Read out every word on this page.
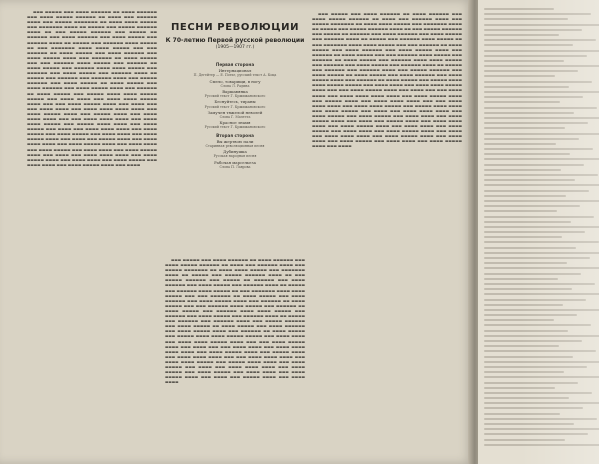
▬▬▬ ▬▬▬▬▬ ▬▬▬ ▬▬▬▬ ▬▬▬▬▬▬ ▬▬ ▬▬▬▬ ▬▬▬▬▬▬ ▬▬▬ ▬▬▬▬ ▬▬▬▬▬ ▬▬▬▬▬▬ ▬▬ ▬▬▬▬ ▬▬▬ ▬▬▬▬▬▬ ▬▬▬▬ ▬▬▬ ▬▬▬▬▬ ▬▬▬▬▬▬▬ ▬▬ ▬▬▬▬ ▬▬▬▬ ▬▬▬▬▬ ▬▬▬ ▬▬▬▬▬▬▬ ▬▬▬▬ ▬▬ ▬▬▬▬▬ ▬▬▬ ▬▬▬▬▬ ▬▬▬▬▬▬ ▬▬▬▬ ▬▬ ▬▬▬ ▬▬▬▬▬ ▬▬▬▬▬▬ ▬▬▬ ▬▬▬▬▬ ▬▬ ▬▬▬▬▬▬ ▬▬▬ ▬▬▬▬ ▬▬▬▬▬▬ ▬▬▬ ▬▬▬▬ ▬▬▬▬▬ ▬▬▬ ▬▬▬▬▬▬ ▬▬▬▬ ▬▬ ▬▬▬▬▬ ▬▬▬ ▬▬▬▬▬▬ ▬▬▬▬ ▬▬▬▬▬ ▬▬ ▬▬▬ ▬▬▬▬▬▬▬ ▬▬▬▬ ▬▬▬▬ ▬▬▬▬▬ ▬▬▬ ▬▬▬ ▬▬▬▬▬▬ ▬▬ ▬▬▬▬ ▬▬▬▬▬ ▬▬▬ ▬▬▬▬ ▬▬▬▬▬▬ ▬▬▬ ▬▬▬▬ ▬▬▬▬▬ ▬▬▬▬ ▬▬▬ ▬▬▬▬▬▬ ▬▬ ▬▬▬▬ ▬▬▬▬▬ ▬▬▬ ▬▬▬ ▬▬▬▬▬▬ ▬▬▬▬ ▬▬▬▬▬ ▬▬▬ ▬▬▬▬▬▬ ▬▬ ▬▬▬▬ ▬▬▬▬▬ ▬▬▬ ▬▬▬▬▬▬ ▬▬▬▬ ▬▬▬▬ ▬▬▬▬▬ ▬▬▬ ▬▬▬▬▬▬ ▬▬▬ ▬▬▬▬ ▬▬▬▬▬ ▬▬▬ ▬▬▬▬▬▬ ▬▬▬▬ ▬▬ ▬▬▬▬▬ ▬▬▬ ▬▬▬▬▬▬ ▬▬▬ ▬▬▬▬▬▬ ▬▬▬▬ ▬▬▬ ▬▬▬▬▬ ▬▬▬▬▬▬ ▬▬▬ ▬▬▬▬ ▬▬▬▬▬ ▬▬ ▬▬▬▬ ▬▬▬▬▬ ▬▬▬ ▬▬▬▬ ▬▬▬▬▬▬ ▬▬▬ ▬▬▬▬ ▬▬▬▬▬ ▬▬▬▬ ▬▬▬ ▬▬▬▬▬▬ ▬▬ ▬▬▬▬ ▬▬▬▬▬ ▬▬▬ ▬▬▬▬▬ ▬▬▬▬ ▬▬▬▬ ▬▬▬▬▬ ▬▬▬▬▬ ▬▬▬ ▬▬▬▬ ▬▬▬▬ ▬▬▬ ▬▬▬▬ ▬▬▬▬ ▬▬▬▬▬ ▬▬▬▬ ▬▬▬ ▬▬▬ ▬▬▬▬ ▬▬▬▬▬ ▬▬▬▬ ▬▬▬ ▬▬▬▬ ▬▬▬ ▬▬▬ ▬▬▬▬ ▬▬▬▬ ▬▬▬ ▬▬▬▬ ▬▬▬▬ ▬▬▬▬ ▬▬▬▬ ▬▬▬ ▬▬▬▬ ▬▬▬▬▬ ▬▬▬▬ ▬▬▬ ▬▬▬▬▬ ▬▬▬▬ ▬▬▬ ▬▬▬▬ ▬▬▬▬ ▬▬▬▬ ▬▬▬ ▬▬▬ ▬▬▬▬ ▬▬▬▬ ▬▬▬▬ ▬▬▬ ▬▬▬▬ ▬▬▬▬ ▬▬▬▬▬ ▬▬▬ ▬▬▬▬▬ ▬▬▬▬ ▬▬▬▬ ▬▬▬ ▬▬▬▬ ▬▬▬▬▬ ▬▬▬ ▬▬▬▬ ▬▬▬ ▬▬▬▬ ▬▬▬▬ ▬▬▬▬ ▬▬▬ ▬▬▬▬ ▬▬▬▬▬ ▬▬▬ ▬▬▬▬ ▬▬▬▬▬ ▬▬▬ ▬▬▬▬ ▬▬▬▬ ▬▬▬ ▬▬▬▬ ▬▬▬▬▬ ▬▬▬▬ ▬▬▬ ▬▬▬▬ ▬▬▬ ▬▬▬▬▬ ▬▬▬▬ ▬▬▬ ▬▬▬▬ ▬▬▬▬ ▬▬▬▬ ▬▬▬ ▬▬▬▬ ▬▬▬▬▬ ▬▬▬▬ ▬▬▬ ▬▬▬▬ ▬▬▬▬ ▬▬▬ ▬▬▬▬ ▬▬▬▬▬ ▬▬▬ ▬▬▬▬ ▬▬▬▬ ▬▬▬ ▬▬▬▬ ▬▬▬▬▬ ▬▬▬▬ ▬▬▬ ▬▬▬▬ ▬▬▬ ▬▬▬▬ ▬▬▬▬ ▬▬▬▬ ▬▬▬ ▬▬▬▬ ▬▬▬▬▬ ▬▬▬▬ ▬▬▬ ▬▬▬▬ ▬▬▬▬ ▬▬▬ ▬▬▬▬ ▬▬▬▬▬ ▬▬▬ ▬▬▬▬ ▬▬▬▬ ▬▬▬ ▬▬▬▬ ▬▬▬▬▬ ▬▬▬▬ ▬▬▬ ▬▬▬▬

ПЕСНИ РЕВОЛЮЦИИ
К 70-летию Первой русской революции
(1905—1907 гг.)
Первая сторона
Интернационал
П. Дегейтер — Е. Потье, русский текст А. Коца
Смело, товарищи, в ногу
Слова Л. Радина
Варшавянка
Русский текст Г. Кржижановского
Беснуйтесь, тираны
Русский текст Г. Кржижановского
Замучен тяжелой неволей
Слова Г. Мачтета
Красное знамя
Русский текст Г. Кржижановского
Вторая сторона
Вы жертвою пали
Старинная революционная песня
Дубинушка
Русская народная песня
Рабочая марсельеза
Слова П. Лаврова

▬▬▬ ▬▬▬▬▬ ▬▬▬ ▬▬▬▬ ▬▬▬▬▬▬ ▬▬ ▬▬▬▬ ▬▬▬▬▬▬ ▬▬▬ ▬▬▬▬ ▬▬▬▬▬ ▬▬▬▬▬▬ ▬▬ ▬▬▬▬ ▬▬▬ ▬▬▬▬▬▬ ▬▬▬▬ ▬▬▬ ▬▬▬▬▬ ▬▬▬▬▬▬▬ ▬▬ ▬▬▬▬ ▬▬▬▬ ▬▬▬▬▬ ▬▬▬ ▬▬▬▬▬▬▬ ▬▬▬▬ ▬▬ ▬▬▬▬▬ ▬▬▬ ▬▬▬▬▬ ▬▬▬▬▬▬ ▬▬▬▬ ▬▬ ▬▬▬ ▬▬▬▬▬ ▬▬▬▬▬▬ ▬▬▬ ▬▬▬▬▬ ▬▬ ▬▬▬▬▬▬ ▬▬▬ ▬▬▬▬ ▬▬▬▬▬▬ ▬▬▬ ▬▬▬▬ ▬▬▬▬▬ ▬▬▬ ▬▬▬▬▬▬ ▬▬▬▬ ▬▬ ▬▬▬▬▬ ▬▬▬ ▬▬▬▬▬▬ ▬▬▬▬ ▬▬▬▬▬ ▬▬ ▬▬▬ ▬▬▬▬▬▬▬ ▬▬▬▬ ▬▬▬▬ ▬▬▬▬▬ ▬▬▬ ▬▬▬ ▬▬▬▬▬▬ ▬▬ ▬▬▬▬ ▬▬▬▬▬ ▬▬▬ ▬▬▬▬ ▬▬▬▬▬▬ ▬▬▬ ▬▬▬▬ ▬▬▬▬▬ ▬▬▬▬ ▬▬▬ ▬▬▬▬▬▬ ▬▬ ▬▬▬▬ ▬▬▬▬▬ ▬▬▬ ▬▬▬ ▬▬▬▬▬▬ ▬▬▬▬ ▬▬▬▬▬ ▬▬▬ ▬▬▬▬▬▬ ▬▬ ▬▬▬▬ ▬▬▬▬▬ ▬▬▬ ▬▬▬▬▬▬ ▬▬▬▬ ▬▬▬▬ ▬▬▬▬▬ ▬▬▬ ▬▬▬▬▬▬ ▬▬▬ ▬▬▬▬ ▬▬▬▬▬ ▬▬▬ ▬▬▬▬▬▬ ▬▬▬▬ ▬▬ ▬▬▬▬▬ ▬▬▬ ▬▬▬▬▬▬ ▬▬▬ ▬▬▬▬▬▬ ▬▬▬▬ ▬▬▬ ▬▬▬▬▬ ▬▬▬▬▬▬ ▬▬▬ ▬▬▬▬ ▬▬▬▬▬ ▬▬ ▬▬▬▬ ▬▬▬▬▬ ▬▬▬ ▬▬▬▬ ▬▬▬▬▬▬ ▬▬▬ ▬▬▬▬ ▬▬▬▬▬ ▬▬▬▬ ▬▬▬ ▬▬▬▬▬▬ ▬▬ ▬▬▬▬ ▬▬▬▬▬ ▬▬▬ ▬▬▬▬▬ ▬▬▬▬ ▬▬▬▬ ▬▬▬▬▬ ▬▬▬▬▬ ▬▬▬ ▬▬▬▬ ▬▬▬▬ ▬▬▬ ▬▬▬▬ ▬▬▬▬ ▬▬▬▬▬ ▬▬▬▬ ▬▬▬ ▬▬▬ ▬▬▬▬ ▬▬▬▬▬ ▬▬▬▬ ▬▬▬ ▬▬▬▬ ▬▬▬ ▬▬▬ ▬▬▬▬ ▬▬▬▬ ▬▬▬ ▬▬▬▬ ▬▬▬▬ ▬▬▬▬ ▬▬▬▬ ▬▬▬ ▬▬▬▬ ▬▬▬▬▬ ▬▬▬▬ ▬▬▬ ▬▬▬▬▬ ▬▬▬▬ ▬▬▬ ▬▬▬▬ ▬▬▬▬ ▬▬▬▬ ▬▬▬ ▬▬▬ ▬▬▬▬ ▬▬▬▬ ▬▬▬▬ ▬▬▬ ▬▬▬▬ ▬▬▬▬ ▬▬▬▬▬ ▬▬▬ ▬▬▬▬▬ ▬▬▬▬ ▬▬▬▬ ▬▬▬ ▬▬▬▬ ▬▬▬▬▬ ▬▬▬ ▬▬▬▬ ▬▬▬ ▬▬▬▬ ▬▬▬▬ ▬▬▬▬ ▬▬▬ ▬▬▬▬ ▬▬▬▬▬ ▬▬▬ ▬▬▬▬ ▬▬▬▬▬ ▬▬▬ ▬▬▬▬ ▬▬▬▬ ▬▬▬ ▬▬▬▬ ▬▬▬▬▬ ▬▬▬▬ ▬▬▬ ▬▬▬▬ ▬▬▬ ▬▬▬▬▬ ▬▬▬▬ ▬▬▬ ▬▬▬▬ ▬▬▬▬

▬▬▬ ▬▬▬▬▬ ▬▬▬ ▬▬▬▬ ▬▬▬▬▬▬ ▬▬ ▬▬▬▬ ▬▬▬▬▬▬ ▬▬▬ ▬▬▬▬ ▬▬▬▬▬ ▬▬▬▬▬▬ ▬▬ ▬▬▬▬ ▬▬▬ ▬▬▬▬▬▬ ▬▬▬▬ ▬▬▬ ▬▬▬▬▬ ▬▬▬▬▬▬▬ ▬▬ ▬▬▬▬ ▬▬▬▬ ▬▬▬▬▬ ▬▬▬ ▬▬▬▬▬▬▬ ▬▬▬▬ ▬▬ ▬▬▬▬▬ ▬▬▬ ▬▬▬▬▬ ▬▬▬▬▬▬ ▬▬▬▬ ▬▬ ▬▬▬ ▬▬▬▬▬ ▬▬▬▬▬▬ ▬▬▬ ▬▬▬▬▬ ▬▬ ▬▬▬▬▬▬ ▬▬▬ ▬▬▬▬ ▬▬▬▬▬▬ ▬▬▬ ▬▬▬▬ ▬▬▬▬▬ ▬▬▬ ▬▬▬▬▬▬ ▬▬▬▬ ▬▬ ▬▬▬▬▬ ▬▬▬ ▬▬▬▬▬▬ ▬▬▬▬ ▬▬▬▬▬ ▬▬ ▬▬▬ ▬▬▬▬▬▬▬ ▬▬▬▬ ▬▬▬▬ ▬▬▬▬▬ ▬▬▬ ▬▬▬ ▬▬▬▬▬▬ ▬▬ ▬▬▬▬ ▬▬▬▬▬ ▬▬▬ ▬▬▬▬ ▬▬▬▬▬▬ ▬▬▬ ▬▬▬▬ ▬▬▬▬▬ ▬▬▬▬ ▬▬▬ ▬▬▬▬▬▬ ▬▬ ▬▬▬▬ ▬▬▬▬▬ ▬▬▬ ▬▬▬ ▬▬▬▬▬▬ ▬▬▬▬ ▬▬▬▬▬ ▬▬▬ ▬▬▬▬▬▬ ▬▬ ▬▬▬▬ ▬▬▬▬▬ ▬▬▬ ▬▬▬▬▬▬ ▬▬▬▬ ▬▬▬▬ ▬▬▬▬▬ ▬▬▬ ▬▬▬▬▬▬ ▬▬▬ ▬▬▬▬ ▬▬▬▬▬ ▬▬▬ ▬▬▬▬▬▬ ▬▬▬▬ ▬▬ ▬▬▬▬▬ ▬▬▬ ▬▬▬▬▬▬ ▬▬▬ ▬▬▬▬▬▬ ▬▬▬▬ ▬▬▬ ▬▬▬▬▬ ▬▬▬▬▬▬ ▬▬▬ ▬▬▬▬ ▬▬▬▬▬ ▬▬ ▬▬▬▬ ▬▬▬▬▬ ▬▬▬ ▬▬▬▬ ▬▬▬▬▬▬ ▬▬▬ ▬▬▬▬ ▬▬▬▬▬ ▬▬▬▬ ▬▬▬ ▬▬▬▬▬▬ ▬▬ ▬▬▬▬ ▬▬▬▬▬ ▬▬▬ ▬▬▬▬▬ ▬▬▬▬ ▬▬▬▬ ▬▬▬▬▬ ▬▬▬▬▬ ▬▬▬ ▬▬▬▬ ▬▬▬▬ ▬▬▬ ▬▬▬▬ ▬▬▬▬ ▬▬▬▬▬ ▬▬▬▬ ▬▬▬ ▬▬▬ ▬▬▬▬ ▬▬▬▬▬ ▬▬▬▬ ▬▬▬ ▬▬▬▬ ▬▬▬ ▬▬▬ ▬▬▬▬ ▬▬▬▬ ▬▬▬ ▬▬▬▬ ▬▬▬▬ ▬▬▬▬ ▬▬▬▬ ▬▬▬ ▬▬▬▬ ▬▬▬▬▬ ▬▬▬▬ ▬▬▬ ▬▬▬▬▬ ▬▬▬▬ ▬▬▬ ▬▬▬▬ ▬▬▬▬ ▬▬▬▬ ▬▬▬ ▬▬▬ ▬▬▬▬ ▬▬▬▬ ▬▬▬▬ ▬▬▬ ▬▬▬▬ ▬▬▬▬ ▬▬▬▬▬ ▬▬▬ ▬▬▬▬▬ ▬▬▬▬ ▬▬▬▬ ▬▬▬ ▬▬▬▬ ▬▬▬▬▬ ▬▬▬ ▬▬▬▬ ▬▬▬ ▬▬▬▬ ▬▬▬▬ ▬▬▬▬ ▬▬▬ ▬▬▬▬ ▬▬▬▬▬ ▬▬▬ ▬▬▬▬ ▬▬▬▬▬ ▬▬▬ ▬▬▬▬ ▬▬▬▬ ▬▬▬ ▬▬▬▬ ▬▬▬▬▬ ▬▬▬▬ ▬▬▬ ▬▬▬▬ ▬▬▬ ▬▬▬▬▬ ▬▬▬▬ ▬▬▬ ▬▬▬▬ ▬▬▬▬ ▬▬▬▬ ▬▬▬ ▬▬▬▬ ▬▬▬▬▬ ▬▬▬▬ ▬▬▬ ▬▬▬▬ ▬▬▬▬ ▬▬▬ ▬▬▬▬ ▬▬▬▬▬ ▬▬▬ ▬▬▬▬ ▬▬▬▬ ▬▬▬ ▬▬▬▬ ▬▬▬▬▬ ▬▬▬▬ ▬▬▬ ▬▬▬▬ ▬▬▬ ▬▬▬▬ ▬▬▬▬ ▬▬▬▬ ▬▬▬ ▬▬▬▬ ▬▬▬▬▬ ▬▬▬▬ ▬▬▬ ▬▬▬▬ ▬▬▬▬ ▬▬▬ ▬▬▬▬ ▬▬▬▬▬ ▬▬▬ ▬▬▬▬ ▬▬▬▬ ▬▬▬ ▬▬▬▬ ▬▬▬▬▬ ▬▬▬▬ ▬▬▬ ▬▬▬▬
